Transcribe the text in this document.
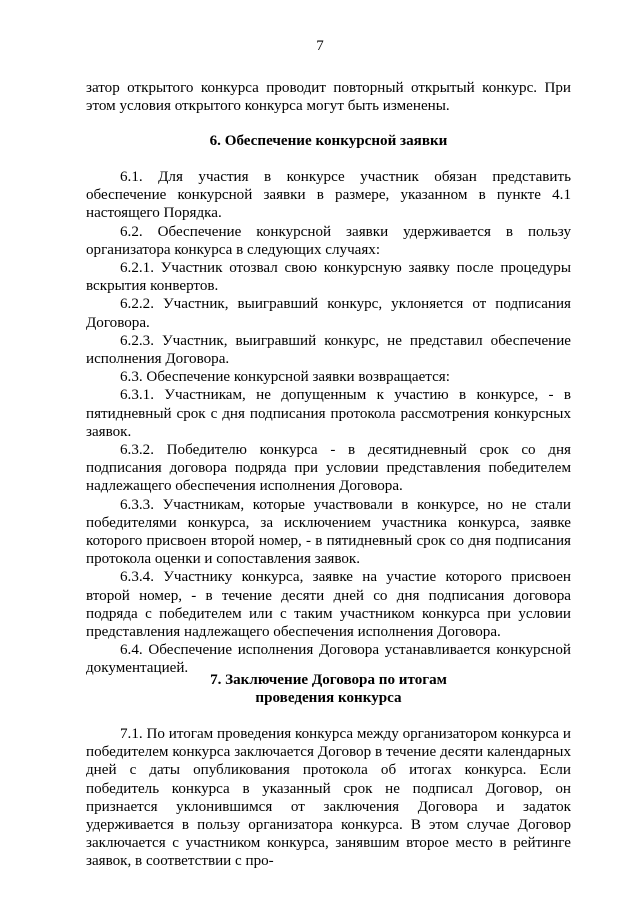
7

затор открытого конкурса проводит повторный открытый конкурс. При этом условия открытого конкурса могут быть изменены.

6. Обеспечение конкурсной заявки

6.1. Для участия в конкурсе участник обязан представить обеспечение конкурсной заявки в размере, указанном в пункте 4.1 настоящего Порядка.

6.2. Обеспечение конкурсной заявки удерживается в пользу организатора конкурса в следующих случаях:

6.2.1. Участник отозвал свою конкурсную заявку после процедуры вскрытия конвертов.

6.2.2. Участник, выигравший конкурс, уклоняется от подписания Договора.

6.2.3. Участник, выигравший конкурс, не представил обеспечение исполнения Договора.

6.3. Обеспечение конкурсной заявки возвращается:

6.3.1. Участникам, не допущенным к участию в конкурсе, - в пятидневный срок с дня подписания протокола рассмотрения конкурсных заявок.

6.3.2. Победителю конкурса - в десятидневный срок со дня подписания договора подряда при условии представления победителем надлежащего обеспечения исполнения Договора.

6.3.3. Участникам, которые участвовали в конкурсе, но не стали победителями конкурса, за исключением участника конкурса, заявке которого присвоен второй номер, - в пятидневный срок со дня подписания протокола оценки и сопоставления заявок.

6.3.4. Участнику конкурса, заявке на участие которого присвоен второй номер, - в течение десяти дней со дня подписания договора подряда с победителем или с таким участником конкурса при условии представления надлежащего обеспечения исполнения Договора.

6.4. Обеспечение исполнения Договора устанавливается конкурсной документацией.

7. Заключение Договора по итогам

проведения конкурса

7.1. По итогам проведения конкурса между организатором конкурса и победителем конкурса заключается Договор в течение десяти календарных дней с даты опубликования протокола об итогах конкурса. Если победитель конкурса в указанный срок не подписал Договор, он признается уклонившимся от заключения Договора и задаток удерживается в пользу организатора конкурса. В этом случае Договор заключается с участником конкурса, занявшим второе место в рейтинге заявок, в соответствии с про-
